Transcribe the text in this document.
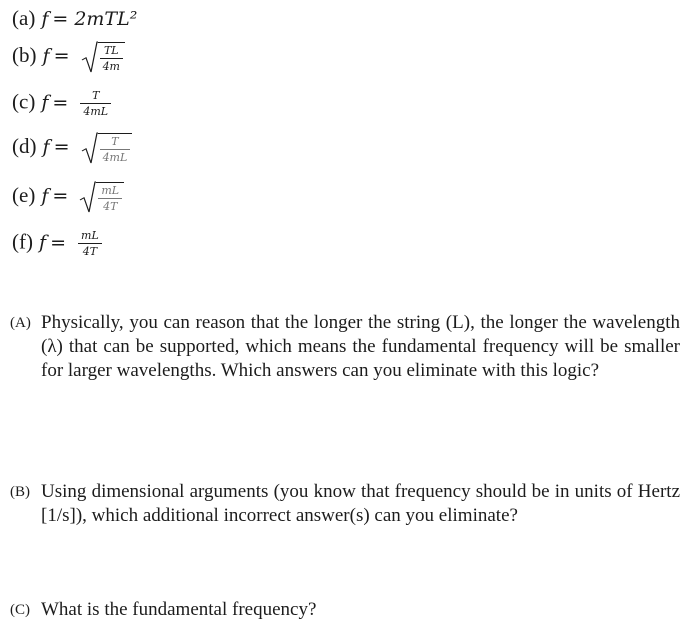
(a) f = 2mTL²
(b) f =	$\frac{TL}{4m}$
(c) $f = \frac{T}{4mL}$
(d) f =	$\frac{T}{4mL}$
(e) f =	$\frac{mL}{4T}$
(f) $f = \frac{mL}{4T}$
(A) Physically, you can reason that the longer the string (L), the longer the wavelength (λ) that can be supported, which means the fundamental frequency will be smaller for larger wavelengths. Which answers can you eliminate with this logic?
(B) Using dimensional arguments (you know that frequency should be in units of Hertz [1/s]), which additional incorrect answer(s) can you eliminate?
(C) What is the fundamental frequency?
